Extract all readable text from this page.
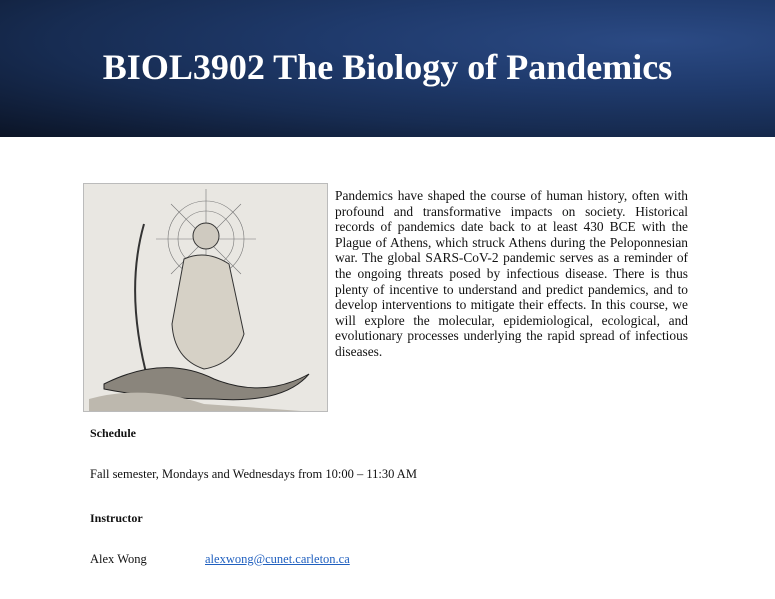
BIOL3902 The Biology of Pandemics

Pandemics have shaped the course of human history, often with profound and transformative impacts on society. Historical records of pandemics date back to at least 430 BCE with the Plague of Athens, which struck Athens during the Peloponnesian war. The global SARS-CoV-2 pandemic serves as a reminder of the ongoing threats posed by infectious disease. There is thus plenty of incentive to understand and predict pandemics, and to develop interventions to mitigate their effects. In this course, we will explore the molecular, epidemiological, ecological, and evolutionary processes underlying the rapid spread of infectious diseases.

Schedule
Fall semester, Mondays and Wednesdays from 10:00 – 11:30 AM
Instructor
Alex Wong	alexwong@cunet.carleton.ca
